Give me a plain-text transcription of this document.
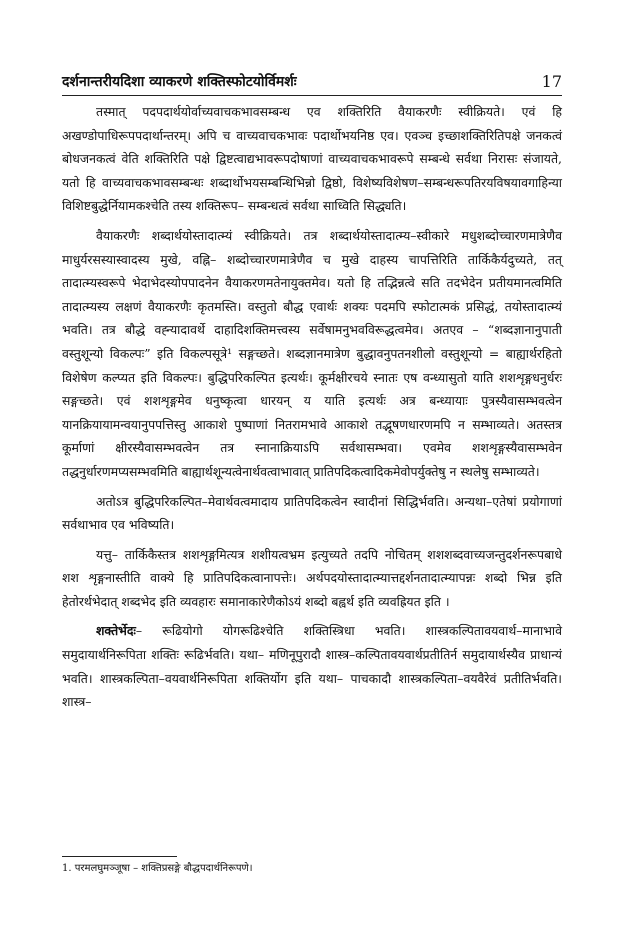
दर्शनान्तरीयदिशा व्याकरणे शक्तिस्फोटयोर्विमर्शः	17

तस्मात् पदपदार्थयोर्वाच्यवाचकभावसम्बन्ध एव शक्तिरिति वैयाकरणैः स्वीक्रियते। एवं हि अखण्डोपाधिरूपपदार्थान्तरम्। अपि च वाच्यवाचकभावः पदार्थोभयनिष्ठ एव। एवञ्च इच्छाशक्तिरितिपक्षे जनकत्वं बोधजनकत्वं वेति शक्तिरिति पक्षे द्विष्टत्वाद्यभावरूपदोषाणां वाच्यवाचकभावरूपे सम्बन्धे सर्वथा निरासः संजायते, यतो हि वाच्यवाचकभावसम्बन्धः शब्दार्थोभयसम्बन्धिभिन्नो द्विष्ठो, विशेष्यविशेषण–सम्बन्धरूपतिरयविषयावगाहिन्या विशिष्टबुद्धेर्नियामकश्चेति तस्य शक्तिरूप– सम्बन्धत्वं सर्वथा साध्विति सिद्ध्यति।

वैयाकरणैः शब्दार्थयोस्तादात्म्यं स्वीक्रियते। तत्र शब्दार्थयोस्तादात्म्य–स्वीकारे मधुशब्दोच्चारणमात्रेणैव माधुर्यरसस्यास्वादस्य मुखे, वह्नि– शब्दोच्चारणमात्रेणैव च मुखे दाहस्य चापत्तिरिति तार्किकैर्यदुच्यते, तत् तादात्म्यस्वरूपे भेदाभेदस्योपपादनेन वैयाकरणमतेनायुक्तमेव। यतो हि तद्भिन्नत्वे सति तदभेदेन प्रतीयमानत्वमिति तादात्म्यस्य लक्षणं वैयाकरणैः कृतमस्ति। वस्तुतो बौद्ध एवार्थः शक्यः पदमपि स्फोटात्मकं प्रसिद्धं, तयोस्तादात्म्यं भवति। तत्र बौद्धे वह्न्यादावर्थे दाहादिशक्तिमत्त्वस्य सर्वेषामनुभवविरूद्धत्वमेव। अतएव – “शब्दज्ञानानुपाती वस्तुशून्यो विकल्पः” इति विकल्पसूत्रे¹ सङ्गच्छते। शब्दज्ञानमात्रेण बुद्धावनुपतनशीलो वस्तुशून्यो = बाह्यार्थरहितो विशेषेण कल्प्यत इति विकल्पः। बुद्धिपरिकल्पित इत्यर्थः। कूर्मक्षीरचये स्नातः एष वन्ध्यासुतो याति शशशृङ्गधनुर्धरः सङ्गच्छते। एवं शशशृङ्गमेव धनुष्कृत्वा धारयन् य याति इत्यर्थः अत्र बन्ध्यायाः पुत्रस्यैवासम्भवत्वेन यानक्रियायामन्वयानुपपत्तिस्तु आकाशे पुष्पाणां नितरामभावे आकाशे तद्भूषणधारणमपि न सम्भाव्यते। अतस्तत्र कूर्माणां क्षीरस्यैवासम्भवत्वेन तत्र स्नानाक्रियाऽपि सर्वथासम्भवा। एवमेव शशशृङ्गस्यैवासम्भवेन तद्धनुर्धारणमप्यसम्भवमिति बाह्यार्थशून्यत्वेनार्थवत्वाभावात् प्रातिपदिकत्वादिकमेवोपर्युक्तेषु न स्थलेषु सम्भाव्यते।

अतोऽत्र बुद्धिपरिकल्पित–मेवार्थवत्वमादाय प्रातिपदिकत्वेन स्वादीनां सिद्धिर्भवति। अन्यथा–एतेषां प्रयोगाणां सर्वथाभाव एव भविष्यति।

यत्तु– तार्किकैस्तत्र शशशृङ्गमित्यत्र शशीयत्वभ्रम इत्युच्यते तदपि नोचितम् शशशब्दवाच्यजन्तुदर्शनरूपबाधे शश शृङ्गनास्तीति वाक्ये हि प्रातिपदिकत्वानापत्तेः। अर्थपदयोस्तादात्म्यात्तद्दर्शनतादात्म्यापन्नः शब्दो भिन्न इति हेतोरर्थभेदात् शब्दभेद इति व्यवहारः समानाकारेणैकोऽयं शब्दो बह्वर्थ इति व्यवह्रियत इति ।

शक्तेर्भेदः– रूढियोगो योगरूढिश्चेति शक्तिस्त्रिधा भवति। शास्त्रकल्पितावयवार्थ–मानाभावे समुदायार्थनिरूपिता शक्तिः रूढिर्भवति। यथा– मणिनूपुरादौ शास्त्र–कल्पितावयवार्थप्रतीतिर्न समुदायार्थस्यैव प्राधान्यं भवति। शास्त्रकल्पिता–वयवार्थनिरूपिता शक्तिर्योग इति यथा– पाचकादौ शास्त्रकल्पिता–वयवैरेवं प्रतीतिर्भवति। शास्त्र–

1. परमलघुमञ्जूषा – शक्तिप्रसङ्गे बौद्धपदार्थनिरूपणे।
